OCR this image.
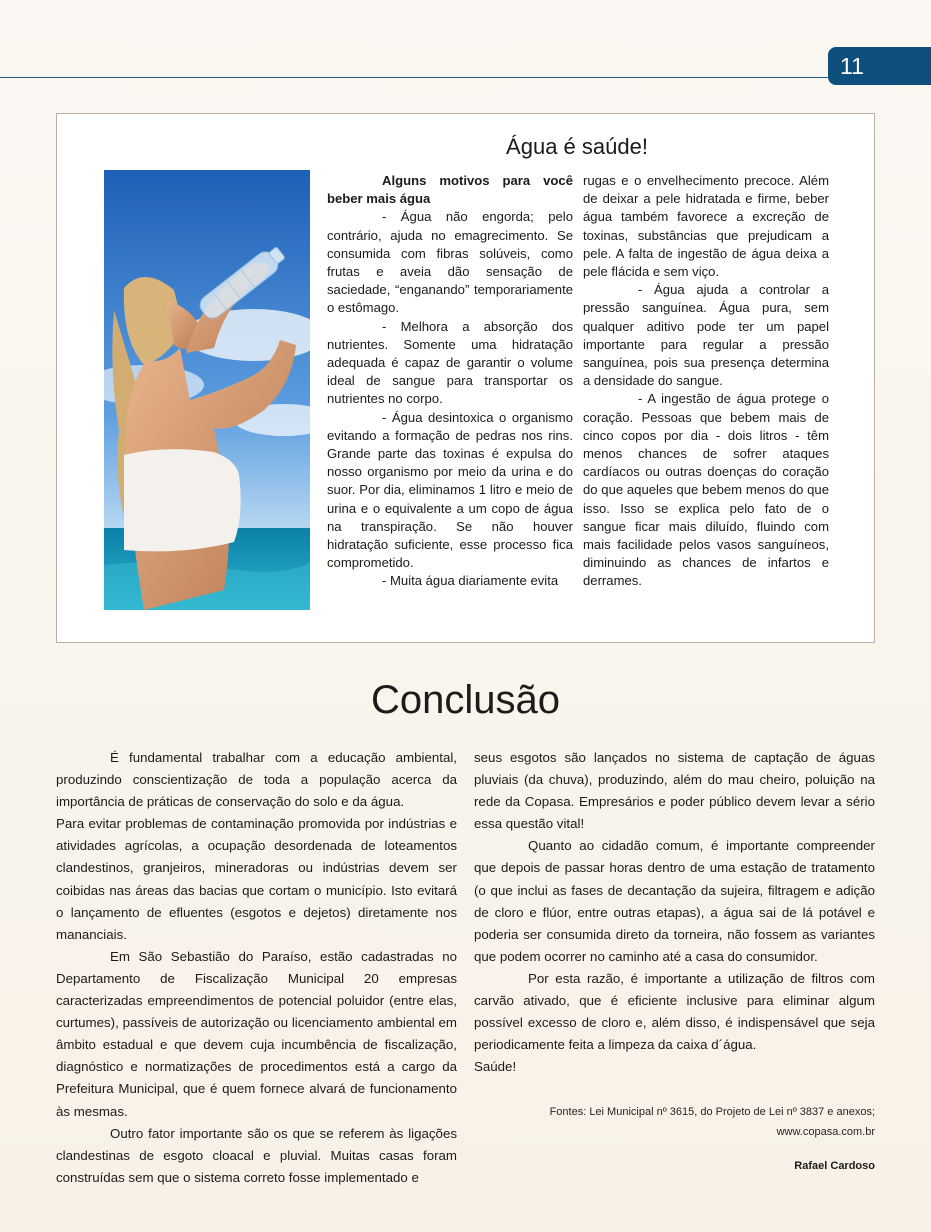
11
Água é saúde!

Alguns motivos para você beber mais água

- Água não engorda; pelo contrário, ajuda no emagrecimento. Se consumida com fibras solúveis, como frutas e aveia dão sensação de saciedade, “enganando” temporariamente o estômago.

- Melhora a absorção dos nutrientes. Somente uma hidratação adequada é capaz de garantir o volume ideal de sangue para transportar os nutrientes no corpo.

- Água desintoxica o organismo evitando a formação de pedras nos rins. Grande parte das toxinas é expulsa do nosso organismo por meio da urina e do suor. Por dia, eliminamos 1 litro e meio de urina e o equivalente a um copo de água na transpiração. Se não houver hidratação suficiente, esse processo fica comprometido.

- Muita água diariamente evita

rugas e o envelhecimento precoce. Além de deixar a pele hidratada e firme, beber água também favorece a excreção de toxinas, substâncias que prejudicam a pele. A falta de ingestão de água deixa a pele flácida e sem viço.

- Água ajuda a controlar a pressão sanguínea. Água pura, sem qualquer aditivo pode ter um papel importante para regular a pressão sanguínea, pois sua presença determina a densidade do sangue.

- A ingestão de água protege o coração. Pessoas que bebem mais de cinco copos por dia - dois litros - têm menos chances de sofrer ataques cardíacos ou outras doenças do coração do que aqueles que bebem menos do que isso. Isso se explica pelo fato de o sangue ficar mais diluído, fluindo com mais facilidade pelos vasos sanguíneos, diminuindo as chances de infartos e derrames.

Conclusão

É fundamental trabalhar com a educação ambiental, produzindo conscientização de toda a população acerca da importância de práticas de conservação do solo e da água.

Para evitar problemas de contaminação promovida por indústrias e atividades agrícolas, a ocupação desordenada de loteamentos clandestinos, granjeiros, mineradoras ou indústrias devem ser coibidas nas áreas das bacias que cortam o município. Isto evitará o lançamento de efluentes (esgotos e dejetos) diretamente nos mananciais.

Em São Sebastião do Paraíso, estão cadastradas no Departamento de Fiscalização Municipal 20 empresas caracterizadas empreendimentos de potencial poluidor (entre elas, curtumes), passíveis de autorização ou licenciamento ambiental em âmbito estadual e que devem cuja incumbência de fiscalização, diagnóstico e normatizações de procedimentos está a cargo da Prefeitura Municipal, que é quem fornece alvará de funcionamento às mesmas.

Outro fator importante são os que se referem às ligações clandestinas de esgoto cloacal e pluvial. Muitas casas foram construídas sem que o sistema correto fosse implementado e

seus esgotos são lançados no sistema de captação de águas pluviais (da chuva), produzindo, além do mau cheiro, poluição na rede da Copasa. Empresários e poder público devem levar a sério essa questão vital!

Quanto ao cidadão comum, é importante compreender que depois de passar horas dentro de uma estação de tratamento (o que inclui as fases de decantação da sujeira, filtragem e adição de cloro e flúor, entre outras etapas), a água sai de lá potável e poderia ser consumida direto da torneira, não fossem as variantes que podem ocorrer no caminho até a casa do consumidor.

Por esta razão, é importante a utilização de filtros com carvão ativado, que é eficiente inclusive para eliminar algum possível excesso de cloro e, além disso, é indispensável que seja periodicamente feita a limpeza da caixa d´água.

Saúde!

Fontes: Lei Municipal nº 3615, do Projeto de Lei nº 3837 e anexos;
www.copasa.com.br
Rafael Cardoso
